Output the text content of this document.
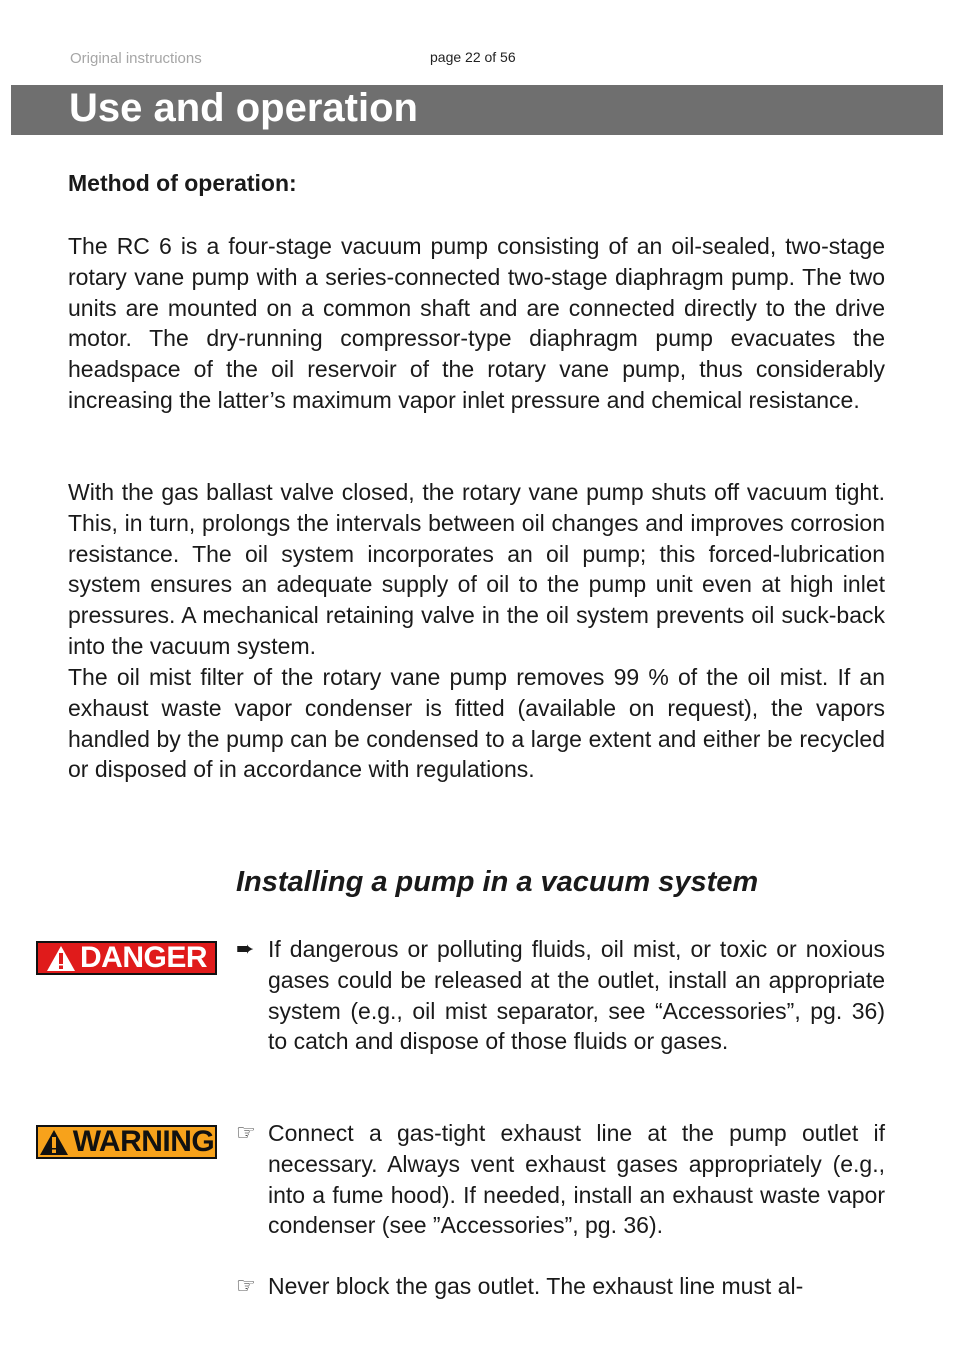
Original instructions	page 22 of 56
Use and operation

Method of operation:

The RC 6 is a four-stage vacuum pump consisting of an oil-sealed, two-stage rotary vane pump with a series-connected two-stage diaphragm pump. The two units are mounted on a common shaft and are connected directly to the drive motor. The dry-running compressor-type diaphragm pump evacuates the headspace of the oil reservoir of the rotary vane pump, thus considerably increasing the latter’s maximum vapor inlet pressure and chemical resistance.

With the gas ballast valve closed, the rotary vane pump shuts off vacuum tight. This, in turn, prolongs the intervals between oil changes and improves corrosion resistance. The oil system incorporates an oil pump; this forced-lubrication system ensures an adequate supply of oil to the pump unit even at high inlet pressures. A mechanical retaining valve in the oil system prevents oil suck-back into the vacuum system.

The oil mist filter of the rotary vane pump removes 99 % of the oil mist. If an exhaust waste vapor condenser is fitted (available on request), the vapors handled by the pump can be condensed to a large extent and either be recycled or disposed of in accordance with regulations.

Installing a pump in a vacuum system
DANGER ➨ If dangerous or polluting fluids, oil mist, or toxic or noxious gases could be released at the outlet, install an appropriate system (e.g., oil mist separator, see “Accessories”, pg. 36) to catch and dispose of those fluids or gases.

WARNING ☞ Connect a gas-tight exhaust line at the pump outlet if necessary. Always vent exhaust gases appropriately (e.g., into a fume hood). If needed, install an exhaust waste vapor condenser (see ”Accessories”, pg. 36).

☞ Never block the gas outlet. The exhaust line must al-
